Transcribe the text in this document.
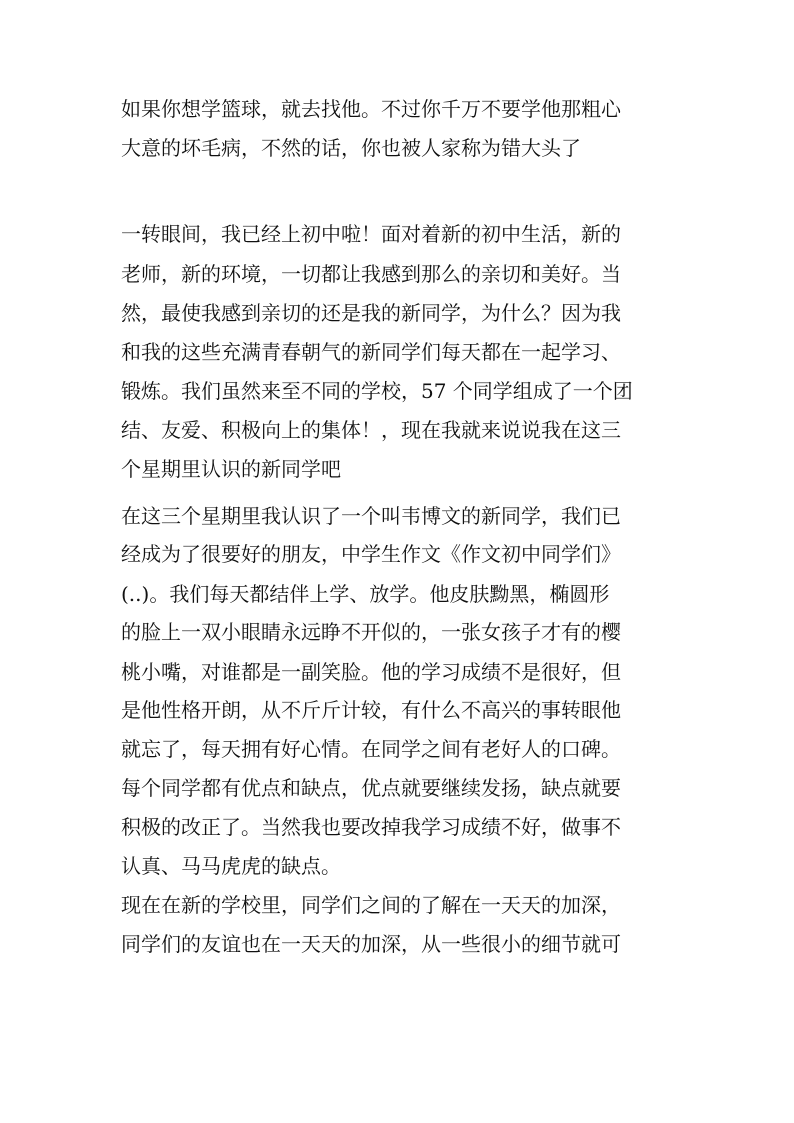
如果你想学篮球，就去找他。不过你千万不要学他那粗心
大意的坏毛病，不然的话，你也被人家称为错大头了
一转眼间，我已经上初中啦！面对着新的初中生活，新的
老师，新的环境，一切都让我感到那么的亲切和美好。当
然，最使我感到亲切的还是我的新同学，为什么？因为我
和我的这些充满青春朝气的新同学们每天都在一起学习、
锻炼。我们虽然来至不同的学校，57 个同学组成了一个团
结、友爱、积极向上的集体！，现在我就来说说我在这三
个星期里认识的新同学吧
在这三个星期里我认识了一个叫韦博文的新同学，我们已
经成为了很要好的朋友，中学生作文《作文初中同学们》
(..)。我们每天都结伴上学、放学。他皮肤黝黑，椭圆形
的脸上一双小眼睛永远睁不开似的，一张女孩子才有的樱
桃小嘴，对谁都是一副笑脸。他的学习成绩不是很好，但
是他性格开朗，从不斤斤计较，有什么不高兴的事转眼他
就忘了，每天拥有好心情。在同学之间有老好人的口碑。
每个同学都有优点和缺点，优点就要继续发扬，缺点就要
积极的改正了。当然我也要改掉我学习成绩不好，做事不
认真、马马虎虎的缺点。
现在在新的学校里，同学们之间的了解在一天天的加深，
同学们的友谊也在一天天的加深，从一些很小的细节就可
